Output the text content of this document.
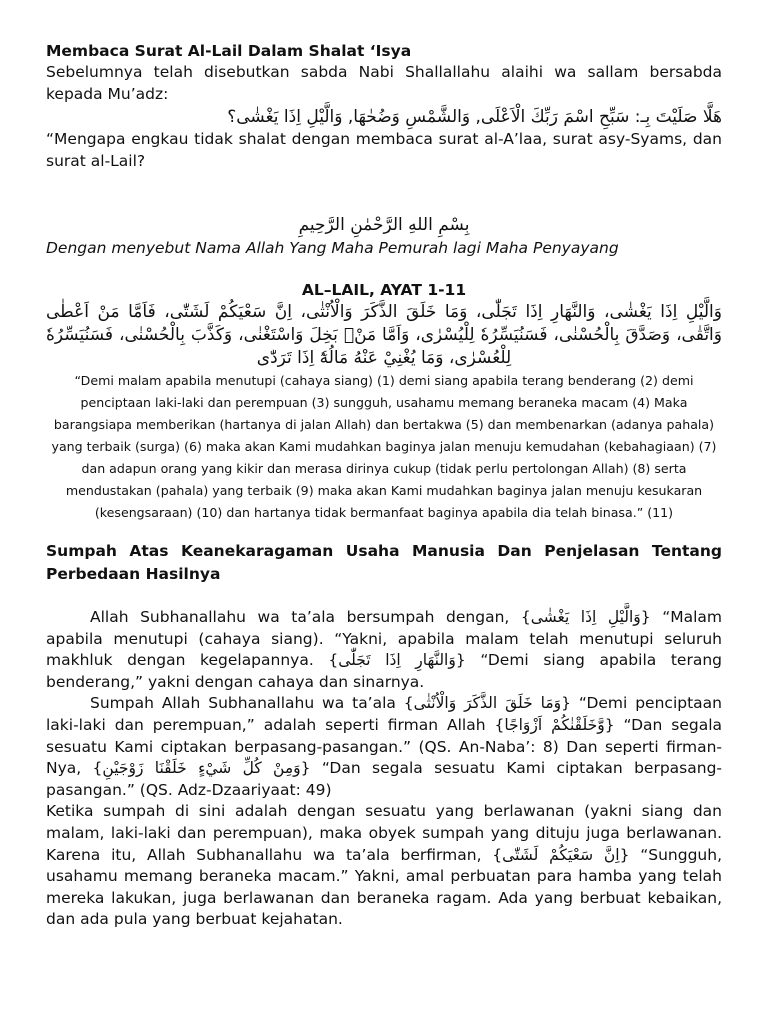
Membaca Surat Al-Lail Dalam Shalat ‘Isya

Sebelumnya telah disebutkan sabda Nabi Shallallahu alaihi wa sallam bersabda kepada Mu’adz:

هَلَّا صَلَيْتَ بِـ: سَبِّحِ اسْمَ رَبِّكَ الْاَعْلَى, وَالشَّمْسِ وَضُحٰهَا, وَالَّيْلِ اِذَا يَغْشٰى؟

“Mengapa engkau tidak shalat dengan membaca surat al-A’laa, surat asy-Syams, dan surat al-Lail?

بِسْمِ اللهِ الرَّحْمٰنِ الرَّحِيمِ

Dengan menyebut Nama Allah Yang Maha Pemurah lagi Maha Penyayang

AL–LAIL, AYAT 1-11

وَالَّيْلِ اِذَا يَغْشٰى، وَالنَّهَارِ اِذَا تَجَلّٰى، وَمَا خَلَقَ الذَّكَرَ وَالْاُنْثٰى، اِنَّ سَعْيَكُمْ لَشَتّٰى، فَاَمَّا مَنْ اَعْطٰى وَاتَّقٰى، وَصَدَّقَ بِالْحُسْنٰى، فَسَنُيَسِّرُهٗ لِلْيُسْرٰى، وَاَمَّا مَنْۢ بَخِلَ وَاسْتَغْنٰى، وَكَذَّبَ بِالْحُسْنٰى، فَسَنُيَسِّرُهٗ لِلْعُسْرٰى، وَمَا يُغْنِيْ عَنْهُ مَالُهٗٓ اِذَا تَرَدّٰى

“Demi malam apabila menutupi (cahaya siang) (1) demi siang apabila terang benderang (2) demi penciptaan laki-laki dan perempuan (3) sungguh, usahamu memang beraneka macam (4) Maka barangsiapa memberikan (hartanya di jalan Allah) dan bertakwa (5) dan membenarkan (adanya pahala) yang terbaik (surga) (6) maka akan Kami mudahkan baginya jalan menuju kemudahan (kebahagiaan) (7) dan adapun orang yang kikir dan merasa dirinya cukup (tidak perlu pertolongan Allah) (8) serta mendustakan (pahala) yang terbaik (9) maka akan Kami mudahkan baginya jalan menuju kesukaran (kesengsaraan) (10) dan hartanya tidak bermanfaat baginya apabila dia telah binasa.” (11)

Sumpah Atas Keanekaragaman Usaha Manusia Dan Penjelasan Tentang Perbedaan Hasilnya

Allah Subhanallahu wa ta’ala bersumpah dengan, {وَالَّيْلِ اِذَا يَغْشٰى} “Malam apabila menutupi (cahaya siang). “Yakni, apabila malam telah menutupi seluruh makhluk dengan kegelapannya. {وَالنَّهَارِ اِذَا تَجَلّٰى} “Demi siang apabila terang benderang,” yakni dengan cahaya dan sinarnya.

Sumpah Allah Subhanallahu wa ta’ala {وَمَا خَلَقَ الذَّكَرَ وَالْاُنْثٰى} “Demi penciptaan laki-laki dan perempuan,” adalah seperti firman Allah {وَّخَلَقْنٰكُمْ اَزْوَاجًا} “Dan segala sesuatu Kami ciptakan berpasang-pasangan.” (QS. An-Naba’: 8) Dan seperti firman-Nya, {وَمِنْ كُلِّ شَيْءٍ خَلَقْنَا زَوْجَيْنِ} “Dan segala sesuatu Kami ciptakan berpasang-pasangan.” (QS. Adz-Dzaariyaat: 49)

Ketika sumpah di sini adalah dengan sesuatu yang berlawanan (yakni siang dan malam, laki-laki dan perempuan), maka obyek sumpah yang dituju juga berlawanan. Karena itu, Allah Subhanallahu wa ta’ala berfirman, {اِنَّ سَعْيَكُمْ لَشَتّٰى} “Sungguh, usahamu memang beraneka macam.” Yakni, amal perbuatan para hamba yang telah mereka lakukan, juga berlawanan dan beraneka ragam. Ada yang berbuat kebaikan, dan ada pula yang berbuat kejahatan.
